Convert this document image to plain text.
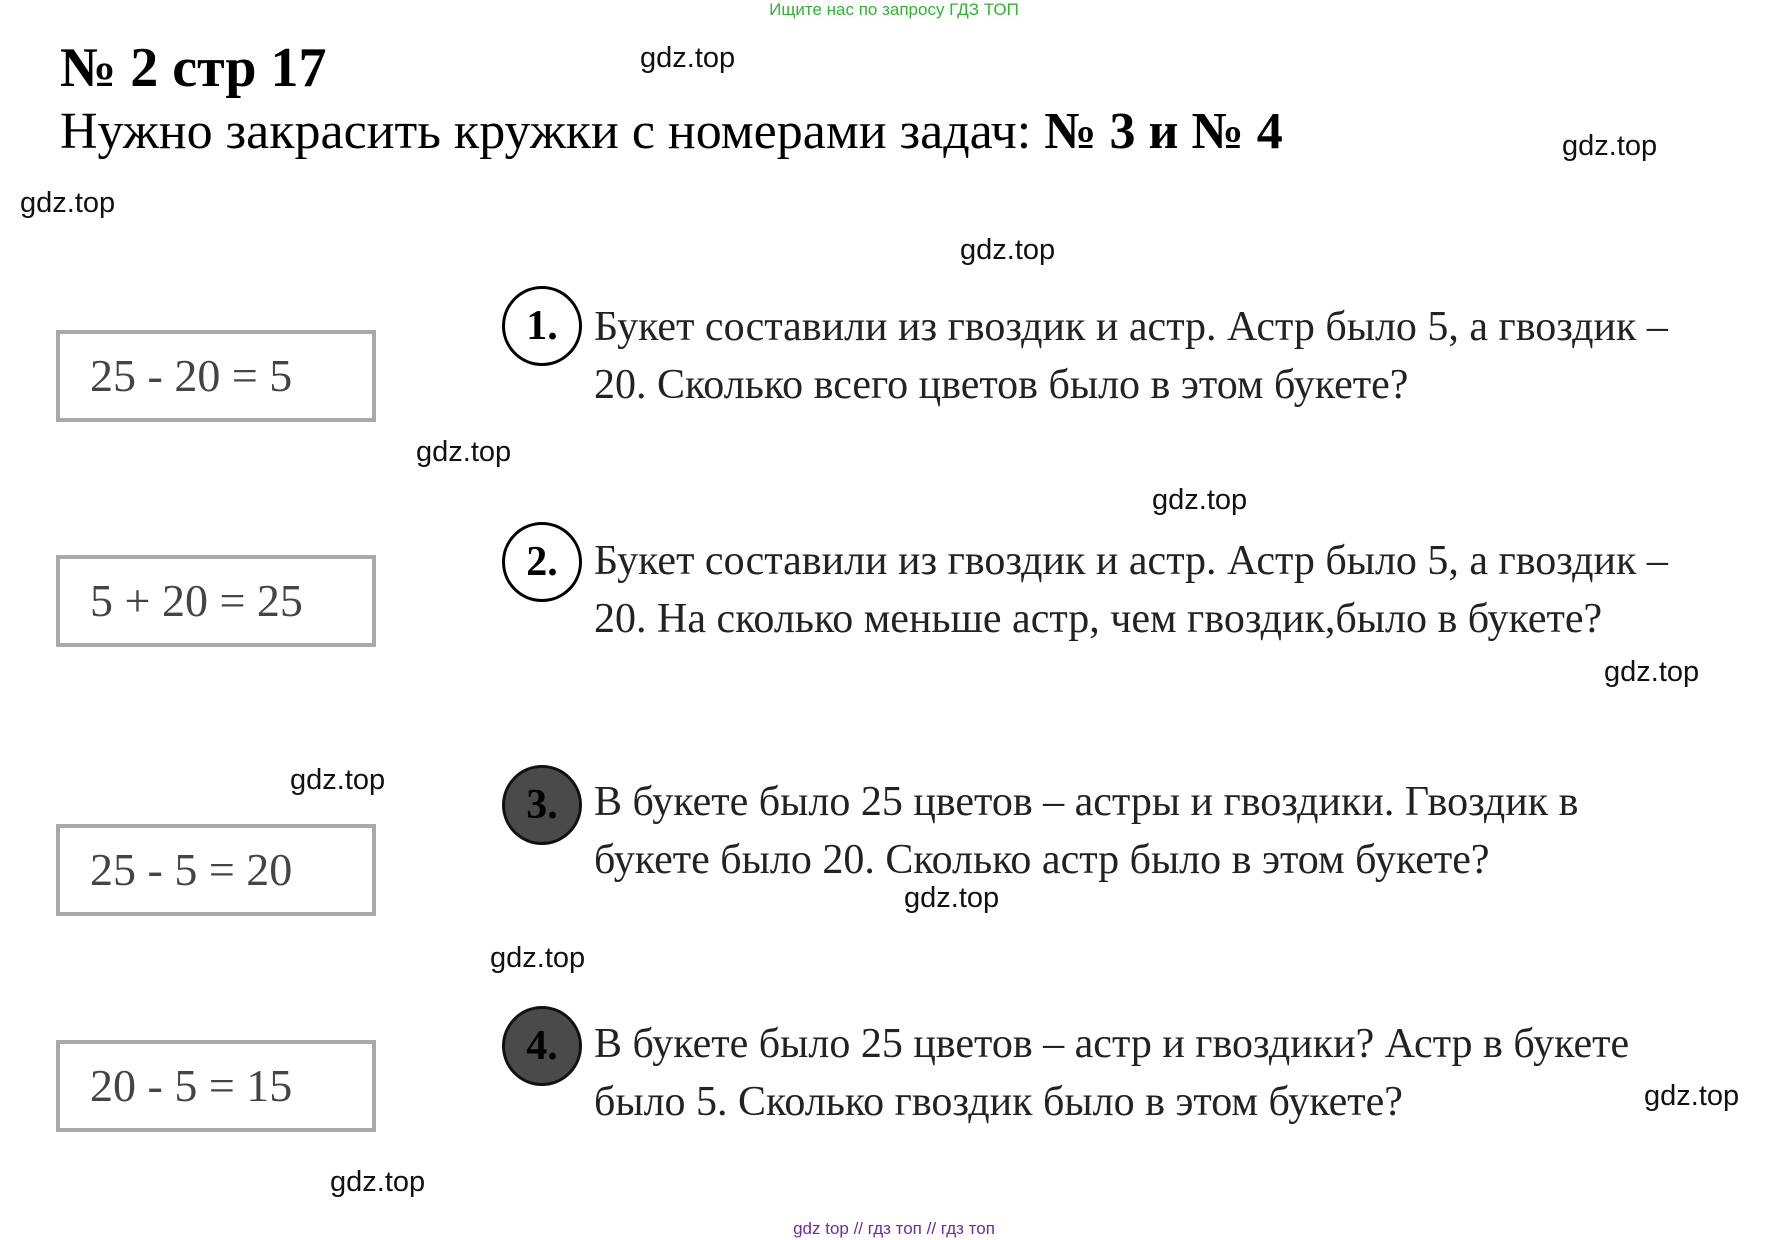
Ищите нас по запросу ГДЗ ТОП
№ 2 стр 17
Нужно закрасить кружки с номерами задач: № 3 и № 4
gdz.top
gdz.top
gdz.top
gdz.top
gdz.top
gdz.top
gdz.top
gdz.top
gdz.top
gdz.top
gdz.top
gdz.top
25 - 20 = 5
1. Букет составили из гвоздик и астр. Астр было 5, а гвоздик – 20. Сколько всего цветов было в этом букете?
5 + 20 = 25
2. Букет составили из гвоздик и астр. Астр было 5, а гвоздик – 20. На сколько меньше астр, чем гвоздик,было в букете?
25 - 5 = 20
3. В букете было 25 цветов – астры и гвоздики. Гвоздик в букете было 20. Сколько астр было в этом букете?
20 - 5 = 15
4. В букете было 25 цветов – астр и гвоздики? Астр в букете было 5. Сколько гвоздик было в этом букете?
gdz top // гдз топ // гдз топ
